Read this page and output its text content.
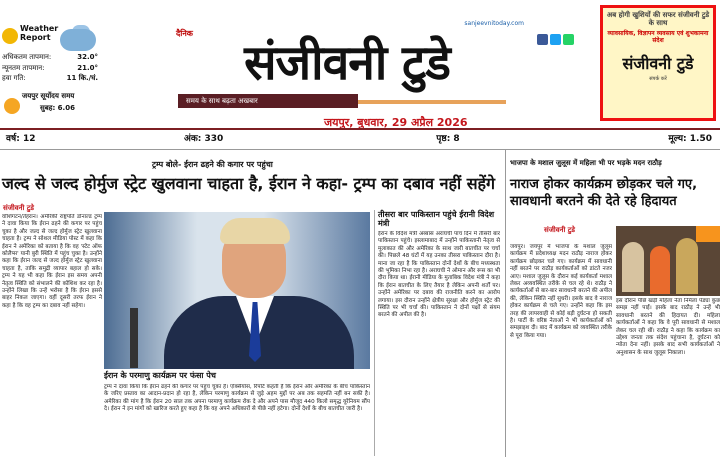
Weather Report
अधिकतम तापमान:	32.0°
न्यूनतम तापमान:	21.0°
हवा गति:	11 कि./घं.
जयपुर सूर्योदय समय
सुबह: 6.06
दैनिक
sanjeevnitoday.com
संजीवनी टुडे
समय के साथ बढ़ता अखबार
जयपुर, बुधवार, 29 अप्रैल 2026
अब होगी खुशियों की सफर संजीवनी टुडे के साथ
व्यावसायिक, विज्ञापन व्यवसाय एवं शुभकामना संदेश
संजीवनी टुडे
संपर्क करें
वर्ष: 12	अंक: 330	पृष्ठ: 8	मूल्य: 1.50
ट्रम्प बोले- ईरान ढहने की कगार पर पहुंचा
जल्द से जल्द होर्मुज स्ट्रेट खुलवाना चाहता है, ईरान ने कहा- ट्रम्प का दबाव नहीं सहेंगे
संजीवनी टुडे
वॉशिंगटन/तेहरान। अमेरिकी राष्ट्रपति डोनाल्ड ट्रम्प ने दावा किया कि ईरान ढहने की कगार पर पहुंच चुका है और जल्द से जल्द होर्मुज स्ट्रेट खुलवाना चाहता है। ट्रम्प ने सोशल मीडिया पोस्ट में कहा कि ईरान ने अमेरिका को बताया है कि वह 'स्टेट ऑफ कोलैप्स' यानी बुरी स्थिति में पहुंच चुका है। उन्होंने कहा कि ईरान जल्द से जल्द होर्मुज स्ट्रेट खुलवाना चाहता है, ताकि समुद्री व्यापार बहाल हो सके। ट्रम्प ने यह भी कहा कि ईरान इस समय अपनी नेतृत्व स्थिति को संभालने की कोशिश कर रहा है। उन्होंने लिखा कि उन्हें भरोसा है कि ईरान इससे बाहर निकल जाएगा। वहीं दूसरी तरफ ईरान ने कहा है कि वह ट्रम्प का दबाव नहीं सहेगा।
ईरान के परमाणु कार्यक्रम पर फंसा पेच
ट्रम्प ने दावा किया कि ईरान ढहने की कगार पर पहुंच चुका है। एक्सियॉस, रिपोर्ट कहती है कि ईरान और अमेरिका के बीच पाकिस्तान के जरिए प्रस्ताव का आदान-प्रदान हो रहा है, लेकिन परमाणु कार्यक्रम से जुड़े अहम मुद्दों पर अब तक सहमति नहीं बन सकी है। अमेरिका की मांग है कि ईरान 20 साल तक अपना परमाणु कार्यक्रम रोक दे और अपने पास मौजूद 440 किलो समृद्ध यूरेनियम सौंप दे। ईरान ने इन मांगों को खारिज करते हुए कहा है कि वह अपने अधिकारों से पीछे नहीं हटेगा। दोनों देशों के बीच बातचीत जारी है।
तीसरा बार पाकिस्तान पहुंचे ईरानी विदेश मंत्री
ईरान के विदेश मंत्री अब्बास अराघची पांच दिन में तीसरी बार पाकिस्तान पहुंचे। इस्लामाबाद में उन्होंने पाकिस्तानी नेतृत्व से मुलाकात की और अमेरिका के साथ जारी बातचीत पर चर्चा की। पिछले 48 घंटों में यह उनका तीसरा पाकिस्तान दौरा है। माना जा रहा है कि पाकिस्तान दोनों देशों के बीच मध्यस्थता की भूमिका निभा रहा है। अराघची ने ओमान और रूस का भी दौरा किया था। ईरानी मीडिया के मुताबिक विदेश मंत्री ने कहा कि ईरान बातचीत के लिए तैयार है लेकिन अपनी शर्तों पर। उन्होंने अमेरिका पर दबाव की राजनीति करने का आरोप लगाया। इस दौरान उन्होंने क्षेत्रीय सुरक्षा और होर्मुज स्ट्रेट की स्थिति पर भी चर्चा की। पाकिस्तान ने दोनों पक्षों से संयम बरतने की अपील की है।
भाजपा के मशाल जुलूस में महिला भी पर भड़के मदन राठौड़
नाराज होकर कार्यक्रम छोड़कर चले गए, सावधानी बरतने की देते रहे हिदायत
संजीवनी टुडे
जयपुर। जयपुर में भाजपा के मशाल जुलूस कार्यक्रम में प्रदेशाध्यक्ष मदन राठौड़ नाराज होकर कार्यक्रम छोड़कर चले गए। कार्यक्रम में सावधानी नहीं बरतने पर राठौड़ कार्यकर्ताओं को डांटते नजर आए। मशाल जुलूस के दौरान कई कार्यकर्ता मशाल लेकर अव्यवस्थित तरीके से चल रहे थे। राठौड़ ने कार्यकर्ताओं से बार-बार सावधानी बरतने की अपील की, लेकिन स्थिति नहीं सुधरी। इसके बाद वे नाराज होकर कार्यक्रम से चले गए। उन्होंने कहा कि इस तरह की लापरवाही से कोई बड़ी दुर्घटना हो सकती है। पार्टी के वरिष्ठ नेताओं ने भी कार्यकर्ताओं को समझाइश दी। बाद में कार्यक्रम को व्यवस्थित तरीके से पूरा किया गया।
इस दौरान पीछे खड़ी महिला नेता निर्मला पँड्या कुछ समझ नहीं पाईं। इसके बाद राठौड़ ने उन्हें भी सावधानी बरतने की हिदायत दी। महिला कार्यकर्ताओं ने कहा कि वे पूरी सावधानी से मशाल लेकर चल रही थीं। राठौड़ ने कहा कि कार्यक्रम का उद्देश्य जनता तक संदेश पहुंचाना है, दुर्घटना को न्योता देना नहीं। इसके बाद सभी कार्यकर्ताओं ने अनुशासन के साथ जुलूस निकाला।
